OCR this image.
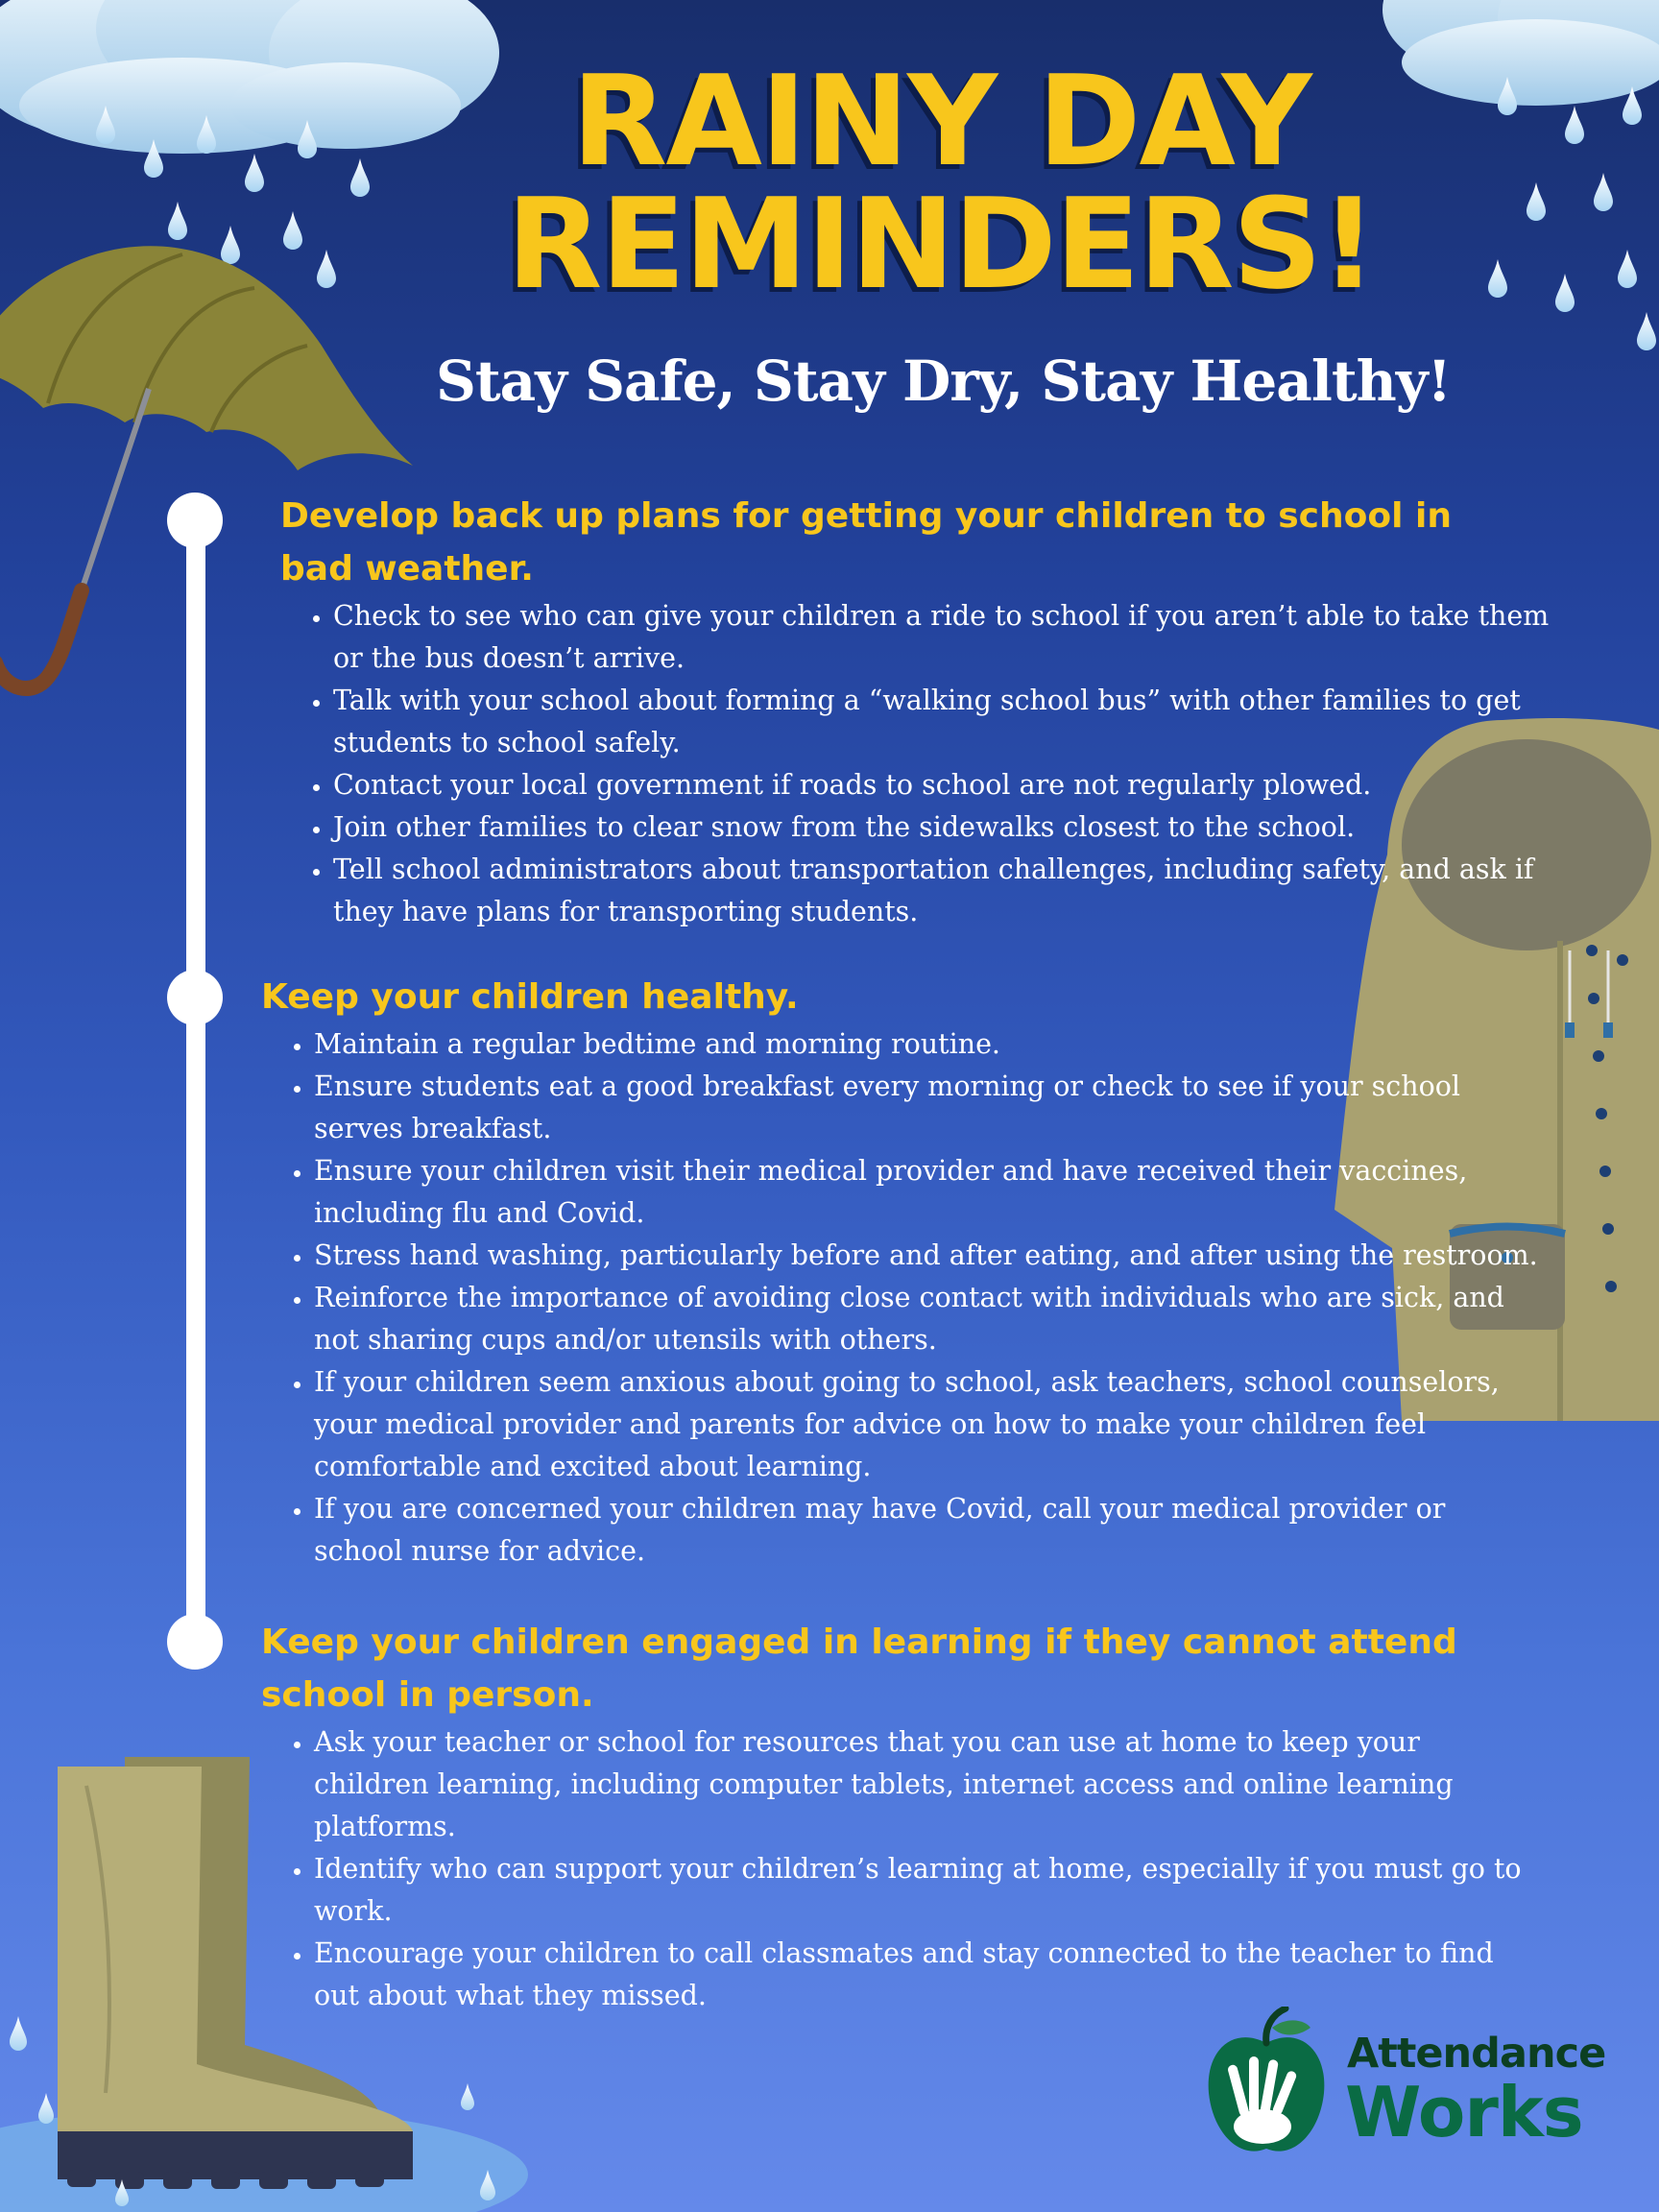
RAINY DAY
REMINDERS!

Stay Safe, Stay Dry, Stay Healthy!

Develop back up plans for getting your children to school in bad weather.
• Check to see who can give your children a ride to school if you aren’t able to take them or the bus doesn’t arrive.
• Talk with your school about forming a “walking school bus” with other families to get students to school safely.
• Contact your local government if roads to school are not regularly plowed.
• Join other families to clear snow from the sidewalks closest to the school.
• Tell school administrators about transportation challenges, including safety, and ask if they have plans for transporting students.
Keep your children healthy.
• Maintain a regular bedtime and morning routine.
• Ensure students eat a good breakfast every morning or check to see if your school serves breakfast.
• Ensure your children visit their medical provider and have received their vaccines, including flu and Covid.
• Stress hand washing, particularly before and after eating, and after using the restroom.
• Reinforce the importance of avoiding close contact with individuals who are sick, and not sharing cups and/or utensils with others.
• If your children seem anxious about going to school, ask teachers, school counselors, your medical provider and parents for advice on how to make your children feel comfortable and excited about learning.
• If you are concerned your children may have Covid, call your medical provider or school nurse for advice.
Keep your children engaged in learning if they cannot attend school in person.
• Ask your teacher or school for resources that you can use at home to keep your children learning, including computer tablets, internet access and online learning platforms.
• Identify who can support your children’s learning at home, especially if you must go to work.
• Encourage your children to call classmates and stay connected to the teacher to find out about what they missed.
Attendance
Works
